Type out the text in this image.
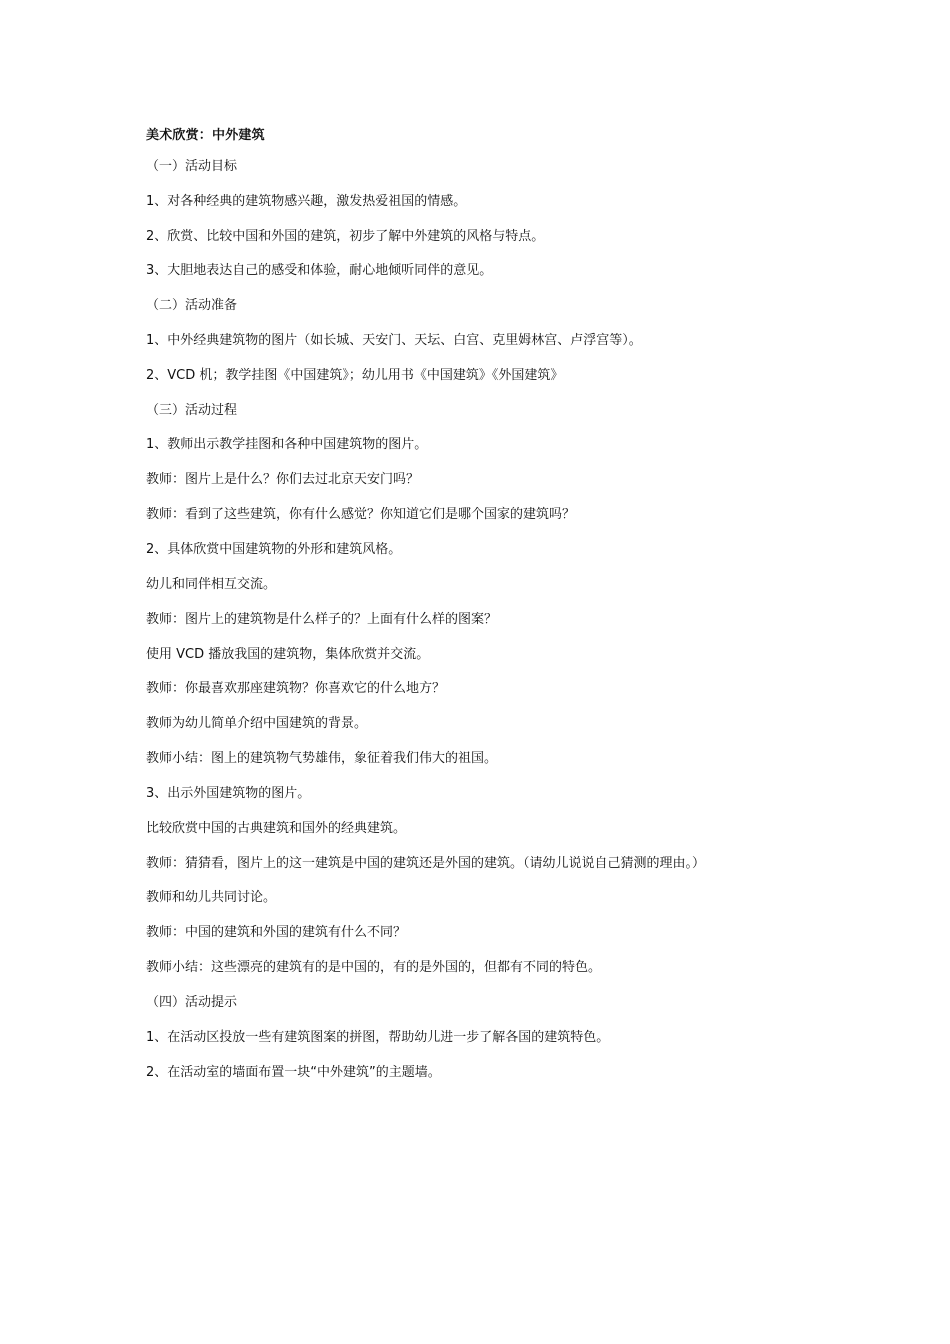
美术欣赏：中外建筑
（一）活动目标
1、对各种经典的建筑物感兴趣，激发热爱祖国的情感。
2、欣赏、比较中国和外国的建筑，初步了解中外建筑的风格与特点。
3、大胆地表达自己的感受和体验，耐心地倾听同伴的意见。
（二）活动准备
1、中外经典建筑物的图片（如长城、天安门、天坛、白宫、克里姆林宫、卢浮宫等）。
2、VCD 机；教学挂图《中国建筑》；幼儿用书《中国建筑》《外国建筑》
（三）活动过程
1、教师出示教学挂图和各种中国建筑物的图片。
教师：图片上是什么？你们去过北京天安门吗？
教师：看到了这些建筑，你有什么感觉？你知道它们是哪个国家的建筑吗？
2、具体欣赏中国建筑物的外形和建筑风格。
幼儿和同伴相互交流。
教师：图片上的建筑物是什么样子的？上面有什么样的图案？
使用 VCD 播放我国的建筑物，集体欣赏并交流。
教师：你最喜欢那座建筑物？你喜欢它的什么地方？
教师为幼儿简单介绍中国建筑的背景。
教师小结：图上的建筑物气势雄伟，象征着我们伟大的祖国。
3、出示外国建筑物的图片。
比较欣赏中国的古典建筑和国外的经典建筑。
教师：猜猜看，图片上的这一建筑是中国的建筑还是外国的建筑。（请幼儿说说自己猜测的理由。）
教师和幼儿共同讨论。
教师：中国的建筑和外国的建筑有什么不同？
教师小结：这些漂亮的建筑有的是中国的，有的是外国的，但都有不同的特色。
（四）活动提示
1、在活动区投放一些有建筑图案的拼图，帮助幼儿进一步了解各国的建筑特色。
2、在活动室的墙面布置一块“中外建筑”的主题墙。
